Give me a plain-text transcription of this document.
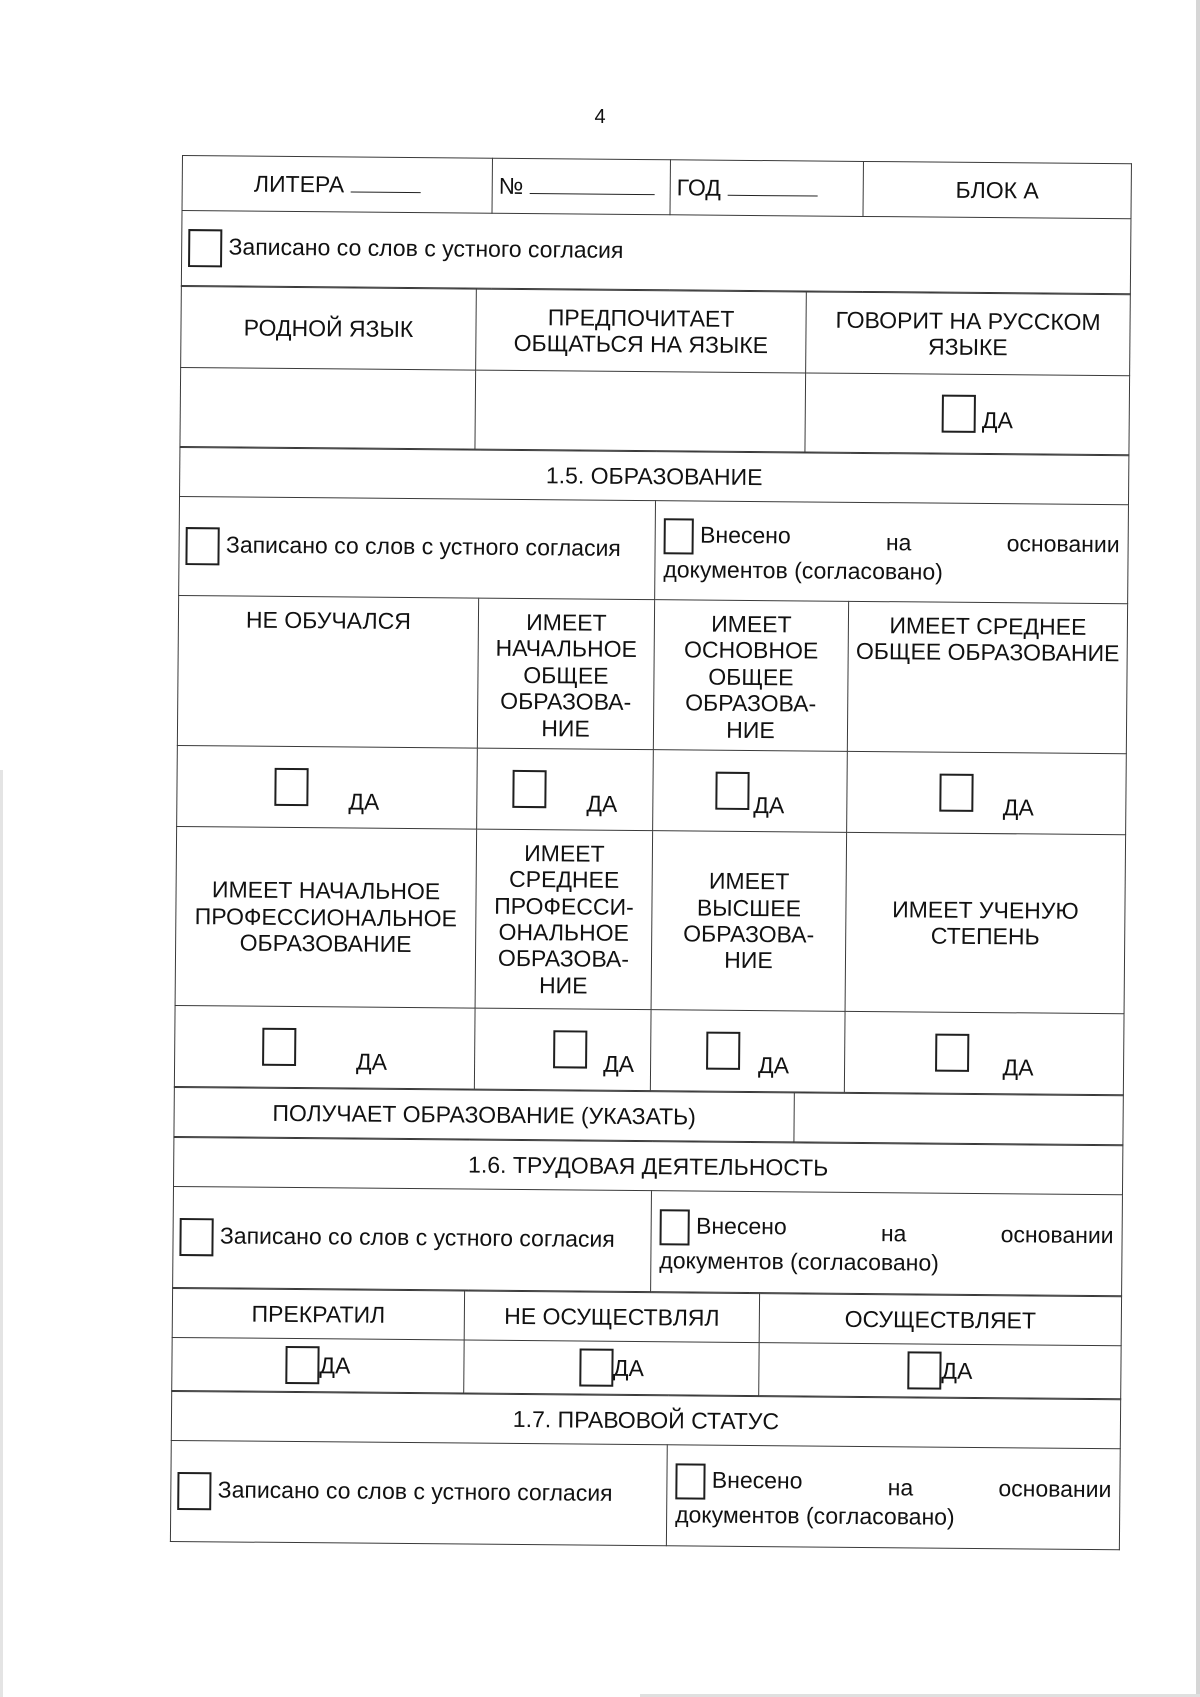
4
ЛИТЕРА	№	ГОД	БЛОК А
Записано со слов с устного согласия
РОДНОЙ ЯЗЫК	ПРЕДПОЧИТАЕТ ОБЩАТЬСЯ НА ЯЗЫКЕ	ГОВОРИТ НА РУССКОМ ЯЗЫКЕ
		ДА
1.5. ОБРАЗОВАНИЕ			

Записано со слов с устного согласия		Внесено на основании
документов (согласовано)	

НЕ ОБУЧАЛСЯ	ИМЕЕТ НАЧАЛЬНОЕ ОБЩЕЕ ОБРАЗОВА-НИЕ	ИМЕЕТ ОСНОВНОЕ ОБЩЕЕ ОБРАЗОВА-НИЕ	ИМЕЕТ СРЕДНЕЕ ОБЩЕЕ ОБРАЗОВАНИЕ

ДА	ДА	ДА	ДА

ИМЕЕТ НАЧАЛЬНОЕ ПРОФЕССИОНАЛЬНОЕ ОБРАЗОВАНИЕ	ИМЕЕТ СРЕДНЕЕ ПРОФЕССИ-ОНАЛЬНОЕ ОБРАЗОВА-НИЕ	ИМЕЕТ ВЫСШЕЕ ОБРАЗОВА-НИЕ	ИМЕЕТ УЧЕНУЮ СТЕПЕНЬ

ДА	ДА	ДА	ДА
ПОЛУЧАЕТ ОБРАЗОВАНИЕ (УКАЗАТЬ)	
1.6. ТРУДОВАЯ ДЕЯТЕЛЬНОСТЬ

Записано со слов с устного согласия	Внесено	на	основании
документов (согласовано)
ПРЕКРАТИЛ	НЕ ОСУЩЕСТВЛЯЛ	ОСУЩЕСТВЛЯЕТ

ДА	ДА	ДА
1.7. ПРАВОВОЙ СТАТУС

Записано со слов с устного согласия	Внесено	на	основании
документов (согласовано)
